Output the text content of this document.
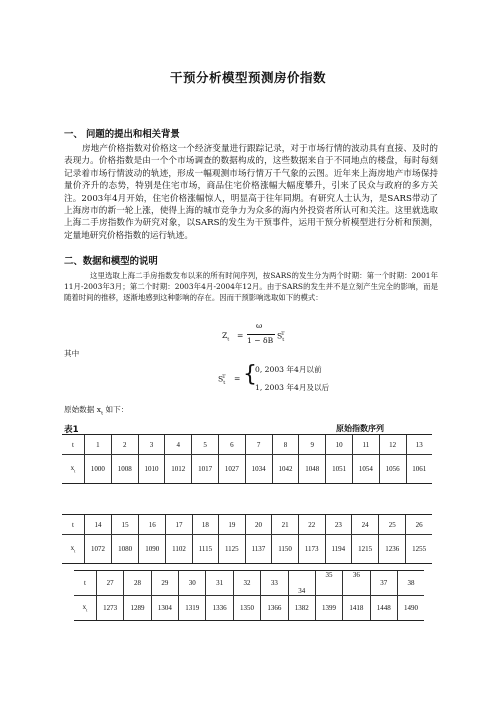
干预分析模型预测房价指数
一、 问题的提出和相关背景
房地产价格指数对价格这一个经济变量进行跟踪记录，对于市场行情的波动具有直接、及时的表现力。价格指数是由一个个市场调查的数据构成的，这些数据来自于不同地点的楼盘，每时每刻记录着市场行情波动的轨迹，形成一幅观测市场行情万千气象的云图。近年来上海房地产市场保持量价齐升的态势，特别是住宅市场，商品住宅价格涨幅大幅度攀升，引来了民众与政府的多方关注。2003年4月开始，住宅价格涨幅惊人，明显高于往年同期。有研究人士认为，是SARS带动了上海房市的新一轮上涨，使得上海的城市竞争力为众多的海内外投资者所认可和关注。这里就选取上海二手房指数作为研究对象，以SARS的发生为干预事件，运用干预分析模型进行分析和预测，定量地研究价格指数的运行轨迹。
二、数据和模型的说明
这里选取上海二手房指数发布以来的所有时间序列，按SARS的发生分为两个时期：第一个时期：2001年11月-2003年3月；第二个时期：2003年4月-2004年12月。由于SARS的发生并不是立刻产生完全的影响，而是随着时间的推移，逐渐地感到这种影响的存在。因而干预影响选取如下的模式：
$Z_t$ =
ω
1 − δB $S_t^T$
其中
$S_t^T$ = {
0, 2003 年4月以前
1, 2003 年4月及以后
原始数据 $x_t$ 如下：
表1	原始指数序列
t	1	2	3	4	5	6	7	8	9	10	11	12	13
$x_t$	1000	1008	1010	1012	1017	1027	1034	1042	1048	1051	1054	1056	1061
t	14	15	16	17	18	19	20	21	22	23	24	25	26
$x_t$	1072	1080	1090	1102	1115	1125	1137	1150	1173	1194	1215	1236	1255
t	27	28	29	30	31	32	33	34	35	36	37	38
$x_t$	1273	1289	1304	1319	1336	1350	1366	1382	1399	1418	1448	1490
